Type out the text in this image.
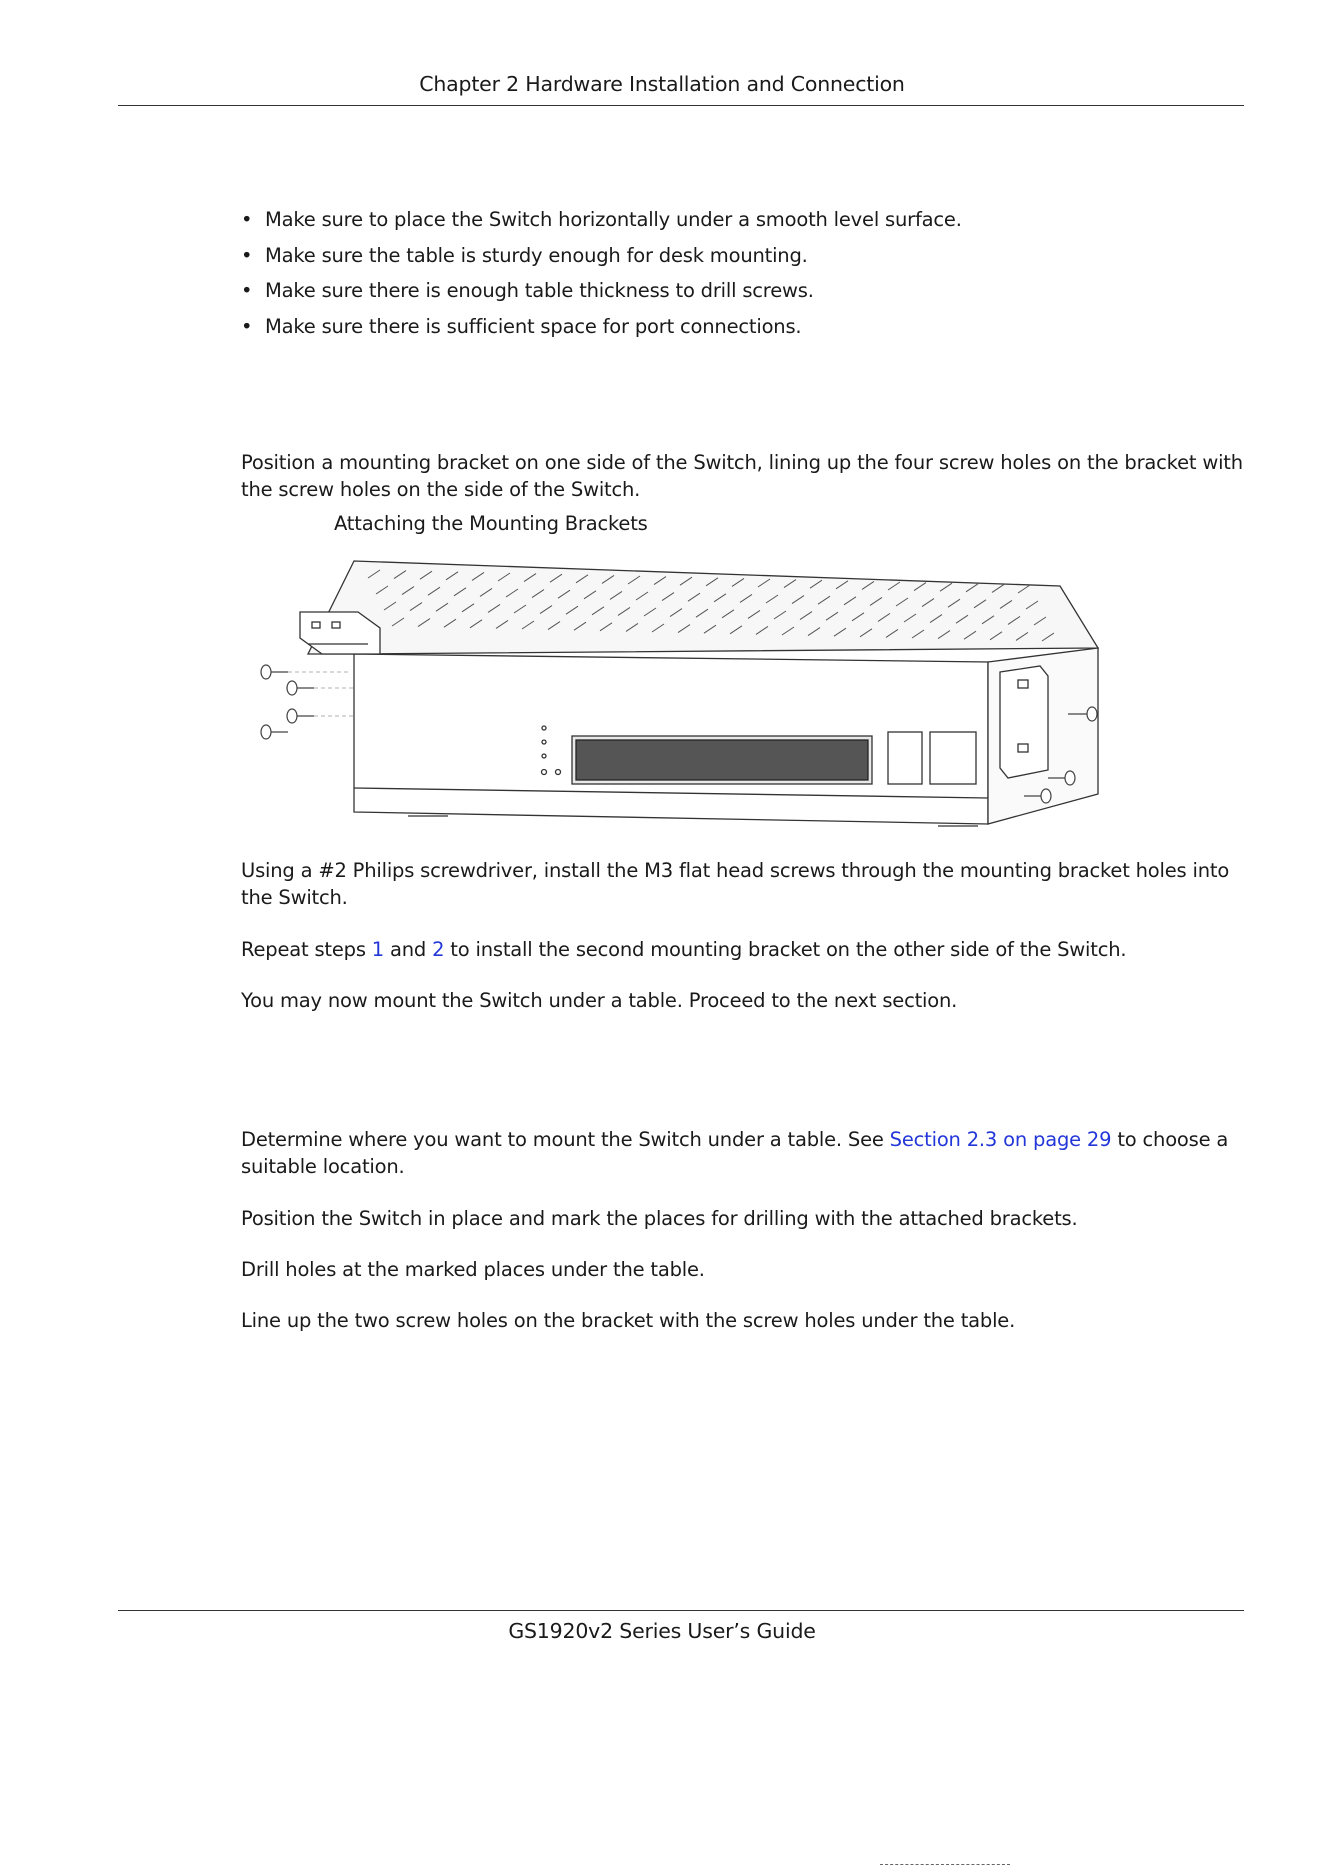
Chapter 2 Hardware Installation and Connection
• Make sure to place the Switch horizontally under a smooth level surface.
• Make sure the table is sturdy enough for desk mounting.
• Make sure there is enough table thickness to drill screws.
• Make sure there is sufficient space for port connections.

Position a mounting bracket on one side of the Switch, lining up the four screw holes on the bracket with the screw holes on the side of the Switch.

Attaching the Mounting Brackets

Using a #2 Philips screwdriver, install the M3 flat head screws through the mounting bracket holes into the Switch.

Repeat steps 1 and 2 to install the second mounting bracket on the other side of the Switch.

You may now mount the Switch under a table. Proceed to the next section.

Determine where you want to mount the Switch under a table. See Section 2.3 on page 29 to choose a suitable location.

Position the Switch in place and mark the places for drilling with the attached brackets.

Drill holes at the marked places under the table.

Line up the two screw holes on the bracket with the screw holes under the table.

GS1920v2 Series User’s Guide
